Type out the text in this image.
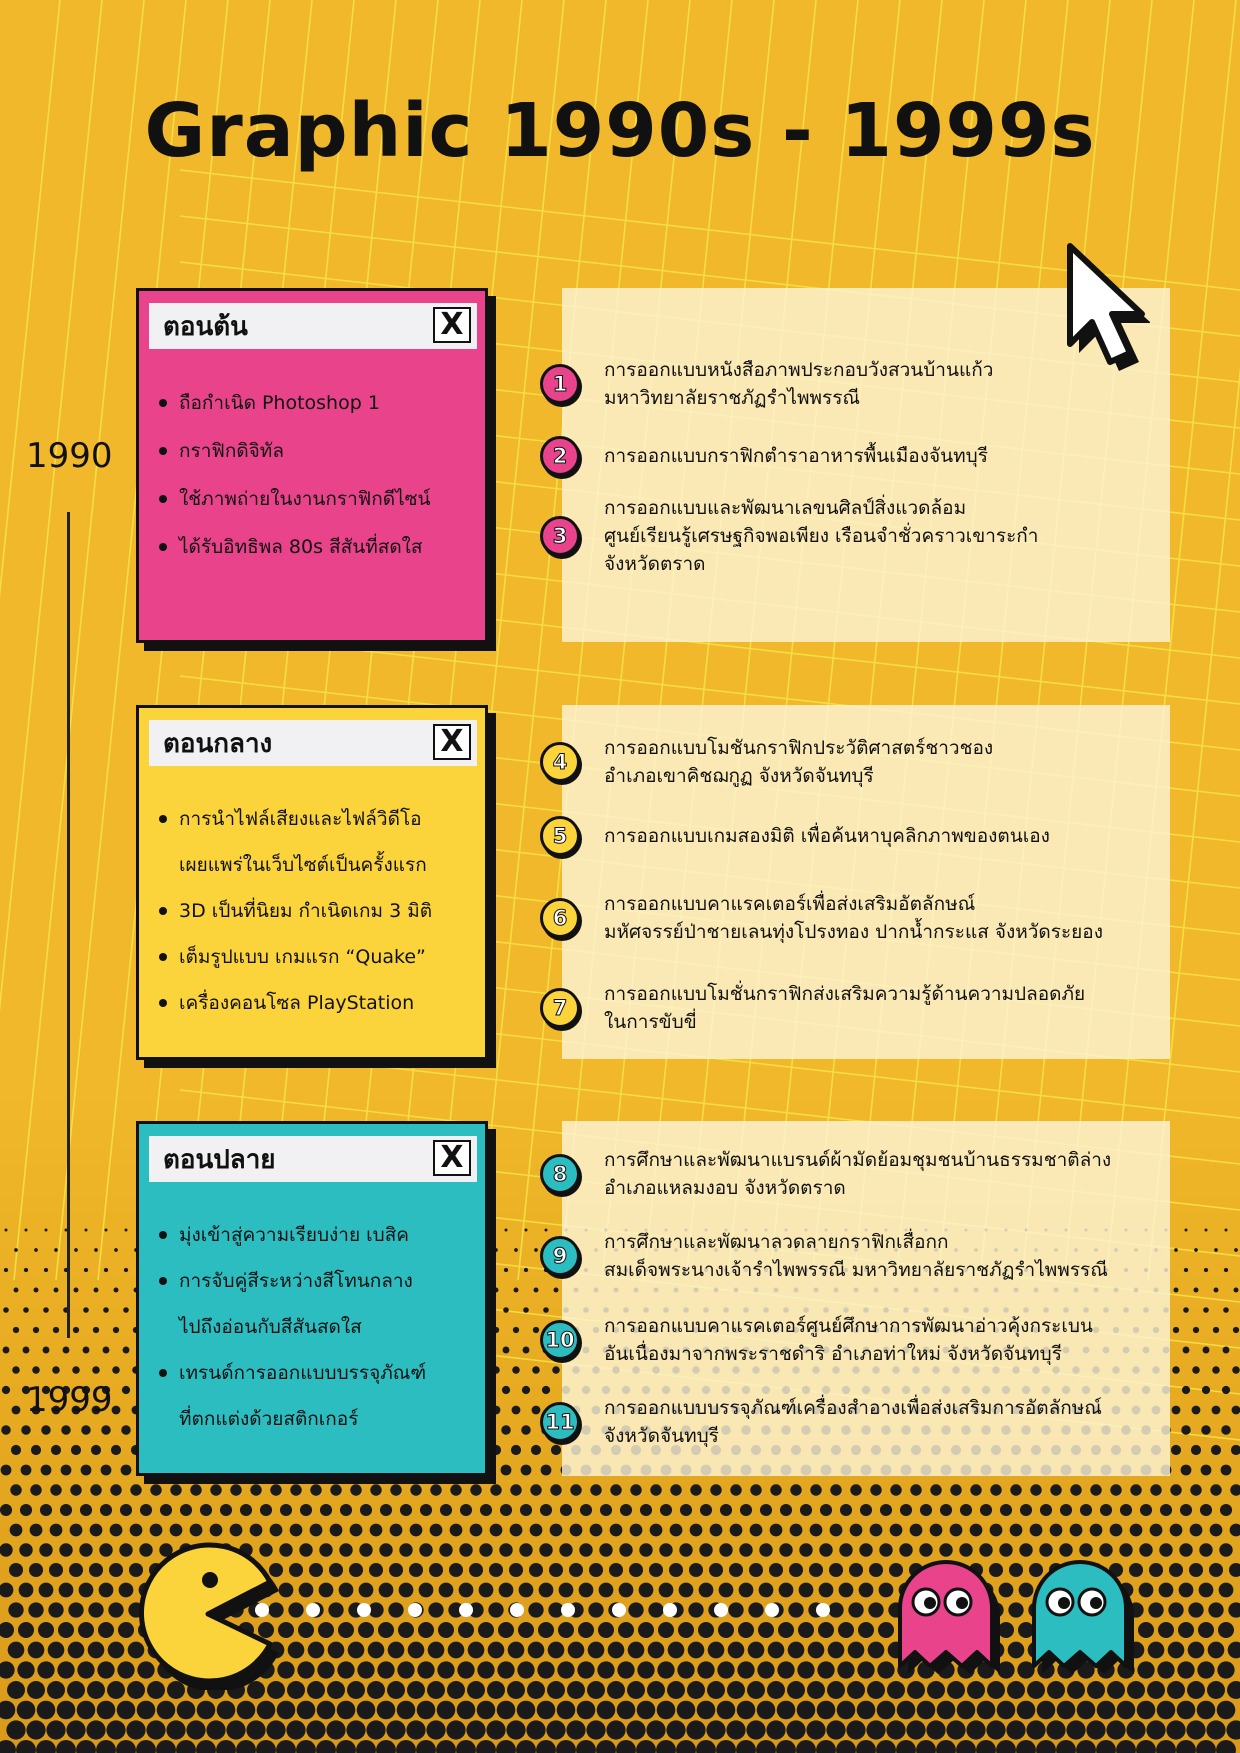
Graphic 1990s - 1999s
1990
1999
ตอนต้น	X
ถือกำเนิด Photoshop 1
กราฟิกดิจิทัล
ใช้ภาพถ่ายในงานกราฟิกดีไซน์
ได้รับอิทธิพล 80s สีสันที่สดใส
ตอนกลาง	X
การนำไฟล์เสียงและไฟล์วิดีโอ
เผยแพร่ในเว็บไซต์เป็นครั้งแรก
3D เป็นที่นิยม กำเนิดเกม 3 มิติ
เต็มรูปแบบ เกมแรก “Quake”
เครื่องคอนโซล PlayStation
ตอนปลาย	X
มุ่งเข้าสู่ความเรียบง่าย เบสิค
การจับคู่สีระหว่างสีโทนกลาง
ไปถึงอ่อนกับสีสันสดใส
เทรนด์การออกแบบบรรจุภัณฑ์
ที่ตกแต่งด้วยสติกเกอร์
1
การออกแบบหนังสือภาพประกอบวังสวนบ้านแก้ว
มหาวิทยาลัยราชภัฏรำไพพรรณี
2	การออกแบบกราฟิกตำราอาหารพื้นเมืองจันทบุรี
3
การออกแบบและพัฒนาเลขนศิลป์สิ่งแวดล้อม
ศูนย์เรียนรู้เศรษฐกิจพอเพียง เรือนจำชั่วคราวเขาระกำ
จังหวัดตราด
4
การออกแบบโมชันกราฟิกประวัติศาสตร์ชาวชอง
อำเภอเขาคิชฌกูฏ จังหวัดจันทบุรี
5	การออกแบบเกมสองมิติ เพื่อค้นหาบุคลิกภาพของตนเอง
6
การออกแบบคาแรคเตอร์เพื่อส่งเสริมอัตลักษณ์
มหัศจรรย์ป่าชายเลนทุ่งโปรงทอง ปากน้ำกระแส จังหวัดระยอง
7
การออกแบบโมชั่นกราฟิกส่งเสริมความรู้ด้านความปลอดภัย
ในการขับขี่
8
การศึกษาและพัฒนาแบรนด์ผ้ามัดย้อมชุมชนบ้านธรรมชาติล่าง
อำเภอแหลมงอบ จังหวัดตราด
9
การศึกษาและพัฒนาลวดลายกราฟิกเสื่อกก
สมเด็จพระนางเจ้ารำไพพรรณี มหาวิทยาลัยราชภัฏรำไพพรรณี
10
การออกแบบคาแรคเตอร์ศูนย์ศึกษาการพัฒนาอ่าวคุ้งกระเบน
อันเนื่องมาจากพระราชดำริ อำเภอท่าใหม่ จังหวัดจันทบุรี
11
การออกแบบบรรจุภัณฑ์เครื่องสำอางเพื่อส่งเสริมการอัตลักษณ์
จังหวัดจันทบุรี
